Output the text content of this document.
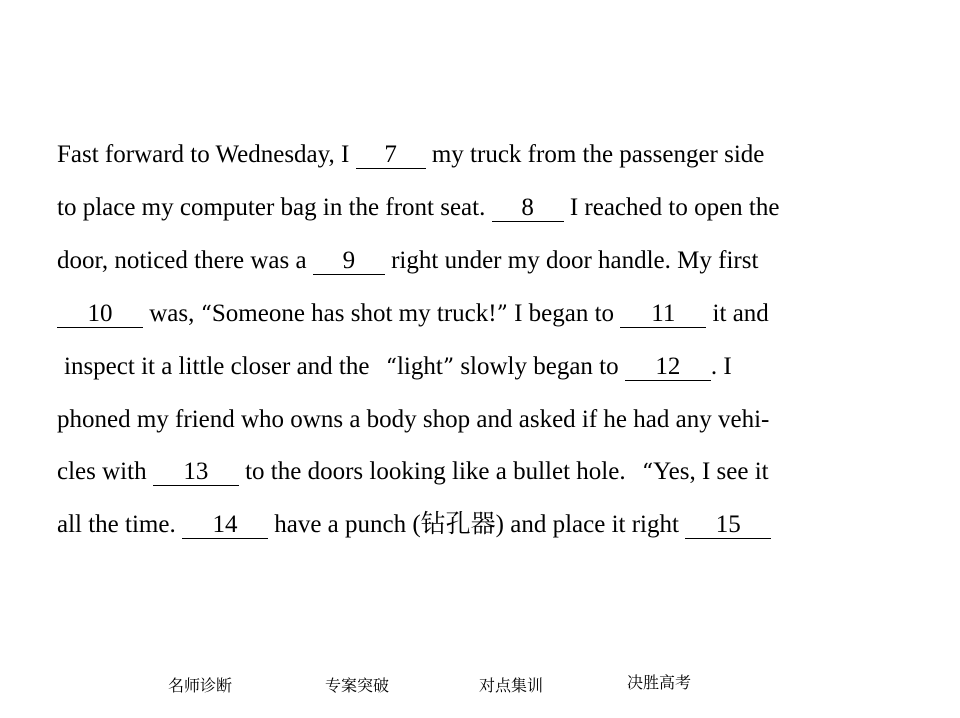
Fast forward to Wednesday, I 7 my truck from the passenger side
to place my computer bag in the front seat. 8 I reached to open the
door, noticed there was a 9 right under my door handle. My first
10 was, “Someone has shot my truck!” I began to 11 it and
inspect it a little closer and the “light” slowly began to 12 . I
phoned my friend who owns a body shop and asked if he had any vehi-
cles with 13 to the doors looking like a bullet hole. “Yes, I see it
all the time. 14 have a punch (钻孔器) and place it right 15
名师诊断	专案突破	对点集训	决胜高考
